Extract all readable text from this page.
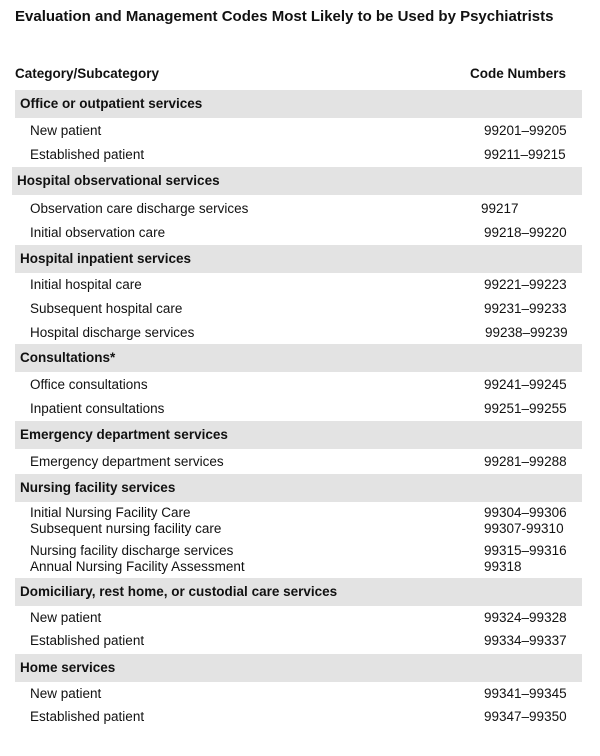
Evaluation and Management Codes Most Likely to be Used by Psychiatrists
Category/Subcategory	Code Numbers
Office or outpatient services
New patient	99201–99205
Established patient	99211–99215
Hospital observational services
Observation care discharge services	99217
Initial observation care	99218–99220
Hospital inpatient services
Initial hospital care	99221–99223
Subsequent hospital care	99231–99233
Hospital discharge services	99238–99239
Consultations*
Office consultations	99241–99245
Inpatient consultations	99251–99255
Emergency department services
Emergency department services	99281–99288
Nursing facility services
Initial Nursing Facility Care	99304–99306
Subsequent nursing facility care	99307-99310
Nursing facility discharge services	99315–99316
Annual Nursing Facility Assessment	99318
Domiciliary, rest home, or custodial care services
New patient	99324–99328
Established patient	99334–99337
Home services
New patient	99341–99345
Established patient	99347–99350
